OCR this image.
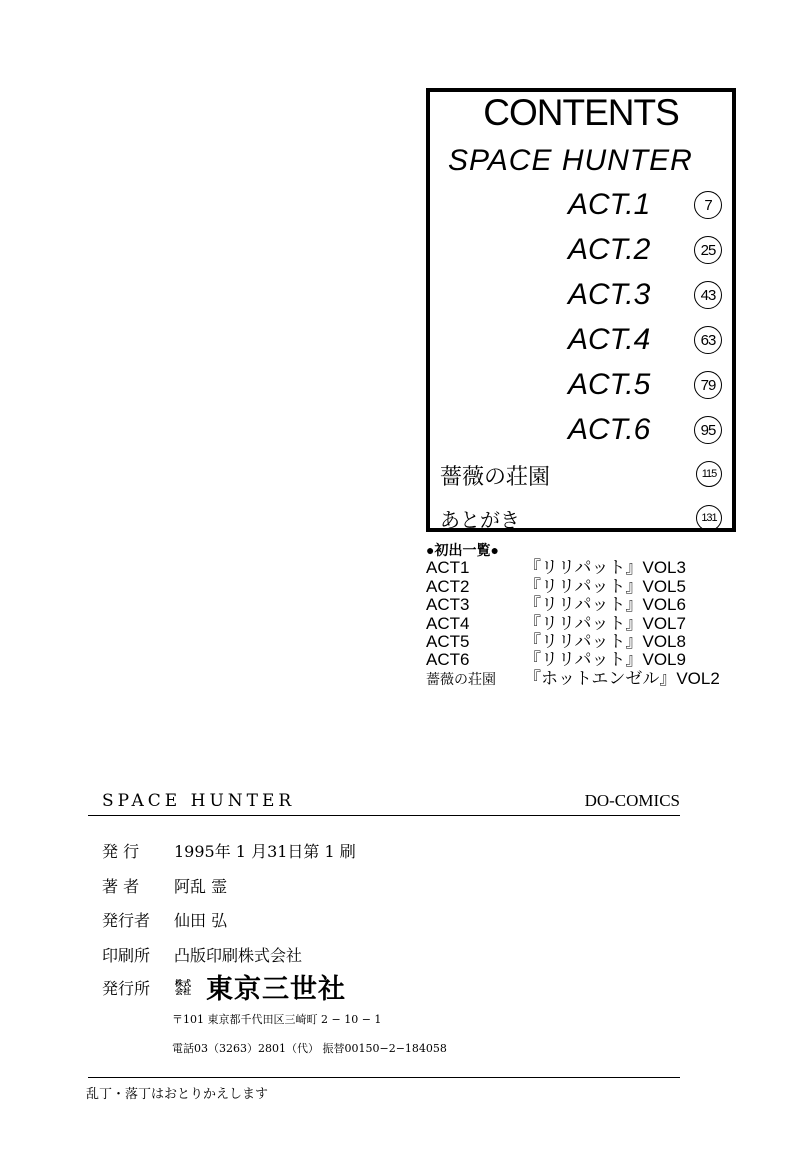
CONTENTS
SPACE HUNTER
ACT.1	7
ACT.2	25
ACT.3	43
ACT.4	63
ACT.5	79
ACT.6	95
薔薇の荘園	115
あとがき	131
●初出一覧●
ACT1	『リリパット』VOL3
ACT2	『リリパット』VOL5
ACT3	『リリパット』VOL6
ACT4	『リリパット』VOL7
ACT5	『リリパット』VOL8
ACT6	『リリパット』VOL9
薔薇の荘園	『ホットエンゼル』VOL2
SPACE HUNTER	DO-COMICS
発 行	1995年 1 月31日第 1 刷
著 者	阿乱 霊
発行者	仙田 弘
印刷所	凸版印刷株式会社
発行所	株式
会社 東京三世社
〒101 東京都千代田区三崎町 2 − 10 − 1
電話03（3263）2801（代） 振替00150−2−184058
乱丁・落丁はおとりかえします
